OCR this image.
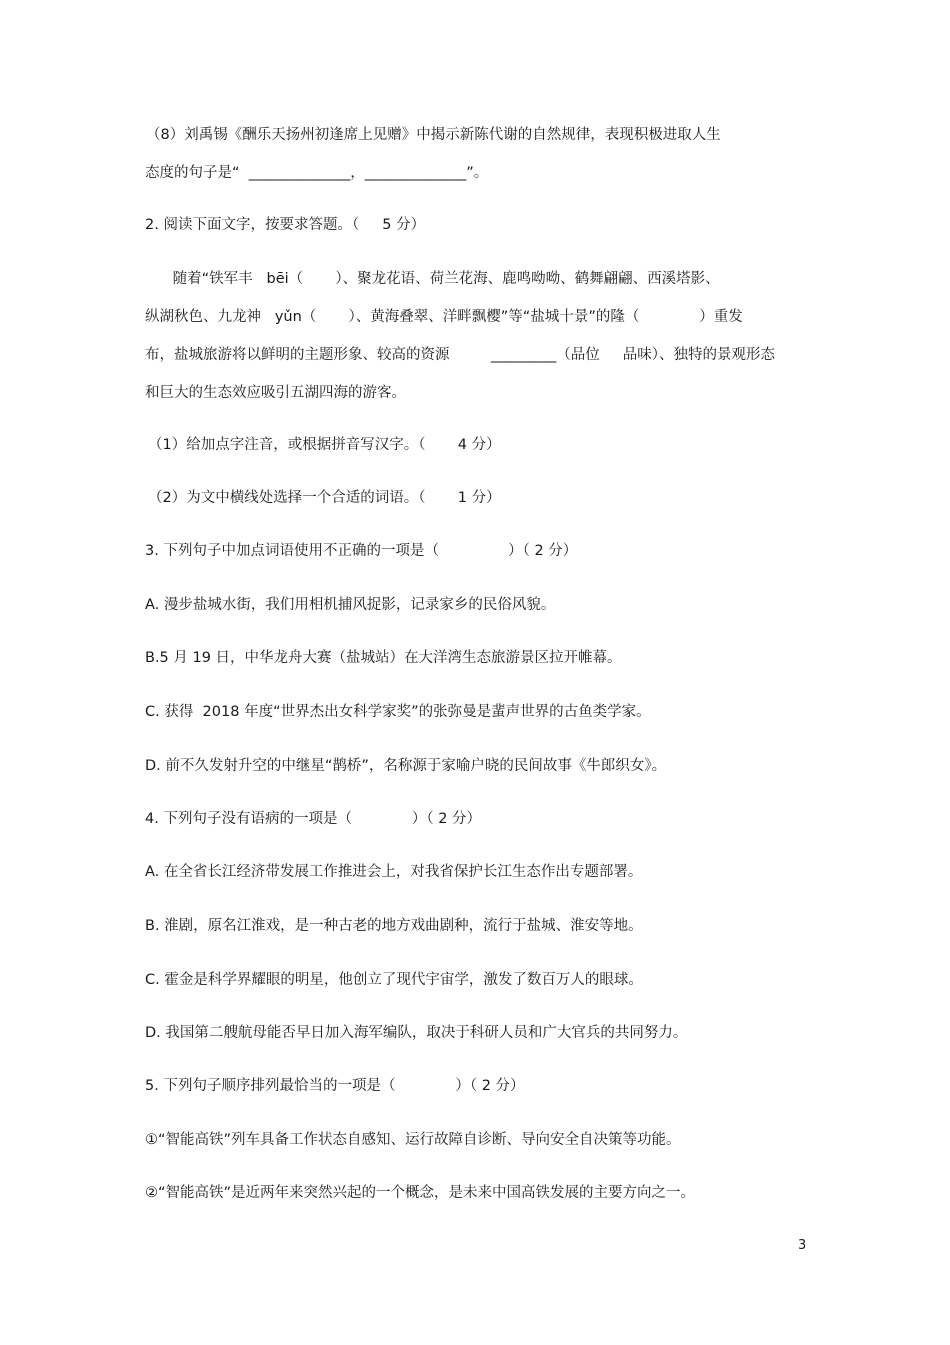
（8）刘禹锡《酬乐天扬州初逢席上见赠》中揭示新陈代谢的自然规律，表现积极进取人生
态度的句子是“  ______________，______________”。
2. 阅读下面文字，按要求答题。（     5 分）
随着“铁军丰   bēi（       ）、聚龙花语、荷兰花海、鹿鸣呦呦、鹤舞翩翩、西溪塔影、
纵湖秋色、九龙神   yǔn（       ）、黄海叠翠、洋畔飘樱”等“盐城十景”的隆（             ）重发
布，盐城旅游将以鲜明的主题形象、较高的资源         _________（品位     品味）、独特的景观形态
和巨大的生态效应吸引五湖四海的游客。
（1）给加点字注音，或根据拼音写汉字。（       4 分）
（2）为文中横线处选择一个合适的词语。（       1 分）
3. 下列句子中加点词语使用不正确的一项是（               ）（ 2 分）
A. 漫步盐城水街，我们用相机捕风捉影，记录家乡的民俗风貌。
B.5 月 19 日，中华龙舟大赛（盐城站）在大洋湾生态旅游景区拉开帷幕。
C. 获得  2018 年度“世界杰出女科学家奖”的张弥曼是蜚声世界的古鱼类学家。
D. 前不久发射升空的中继星“鹊桥”，名称源于家喻户晓的民间故事《牛郎织女》。
4. 下列句子没有语病的一项是（             ）（ 2 分）
A. 在全省长江经济带发展工作推进会上，对我省保护长江生态作出专题部署。
B. 淮剧，原名江淮戏，是一种古老的地方戏曲剧种，流行于盐城、淮安等地。
C. 霍金是科学界耀眼的明星，他创立了现代宇宙学，激发了数百万人的眼球。
D. 我国第二艘航母能否早日加入海军编队，取决于科研人员和广大官兵的共同努力。
5. 下列句子顺序排列最恰当的一项是（             ）（ 2 分）
①“智能高铁”列车具备工作状态自感知、运行故障自诊断、导向安全自决策等功能。
②“智能高铁”是近两年来突然兴起的一个概念，是未来中国高铁发展的主要方向之一。
3
